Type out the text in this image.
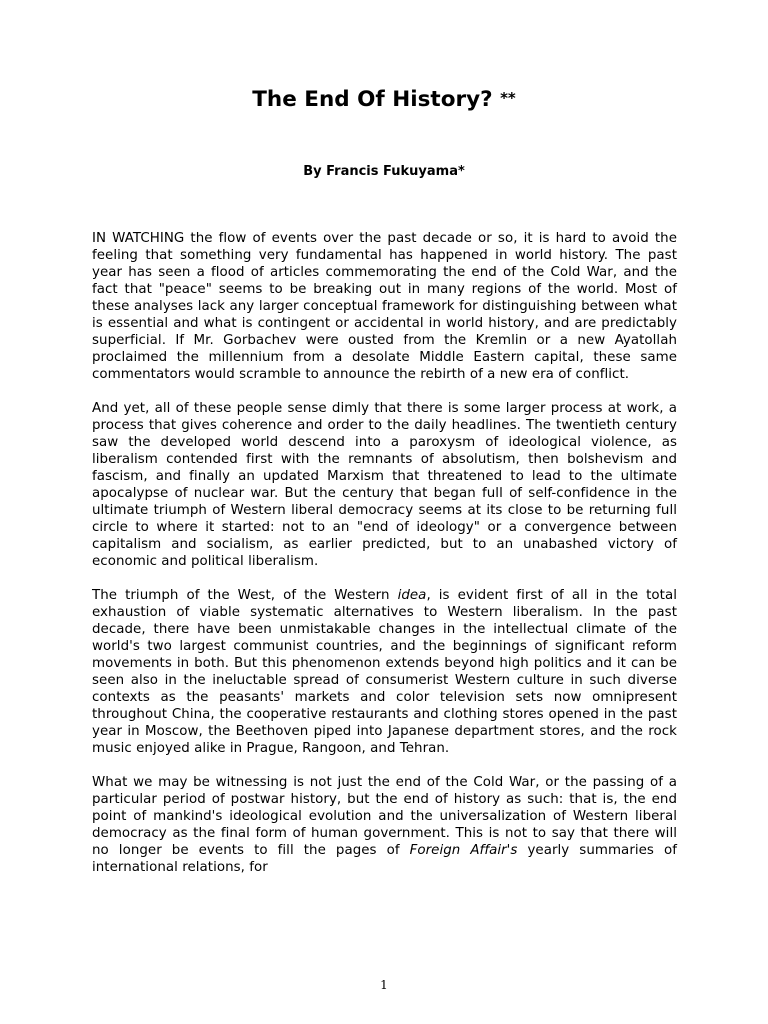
The End Of History? **

By Francis Fukuyama*

IN WATCHING the flow of events over the past decade or so, it is hard to avoid the feeling that something very fundamental has happened in world history. The past year has seen a flood of articles commemorating the end of the Cold War, and the fact that "peace" seems to be breaking out in many regions of the world. Most of these analyses lack any larger conceptual framework for distinguishing between what is essential and what is contingent or accidental in world history, and are predictably superficial. If Mr. Gorbachev were ousted from the Kremlin or a new Ayatollah proclaimed the millennium from a desolate Middle Eastern capital, these same commentators would scramble to announce the rebirth of a new era of conflict.

And yet, all of these people sense dimly that there is some larger process at work, a process that gives coherence and order to the daily headlines. The twentieth century saw the developed world descend into a paroxysm of ideological violence, as liberalism contended first with the remnants of absolutism, then bolshevism and fascism, and finally an updated Marxism that threatened to lead to the ultimate apocalypse of nuclear war. But the century that began full of self-confidence in the ultimate triumph of Western liberal democracy seems at its close to be returning full circle to where it started: not to an "end of ideology" or a convergence between capitalism and socialism, as earlier predicted, but to an unabashed victory of economic and political liberalism.

The triumph of the West, of the Western idea, is evident first of all in the total exhaustion of viable systematic alternatives to Western liberalism. In the past decade, there have been unmistakable changes in the intellectual climate of the world's two largest communist countries, and the beginnings of significant reform movements in both. But this phenomenon extends beyond high politics and it can be seen also in the ineluctable spread of consumerist Western culture in such diverse contexts as the peasants' markets and color television sets now omnipresent throughout China, the cooperative restaurants and clothing stores opened in the past year in Moscow, the Beethoven piped into Japanese department stores, and the rock music enjoyed alike in Prague, Rangoon, and Tehran.

What we may be witnessing is not just the end of the Cold War, or the passing of a particular period of postwar history, but the end of history as such: that is, the end point of mankind's ideological evolution and the universalization of Western liberal democracy as the final form of human government. This is not to say that there will no longer be events to fill the pages of Foreign Affair's yearly summaries of international relations, for

1
